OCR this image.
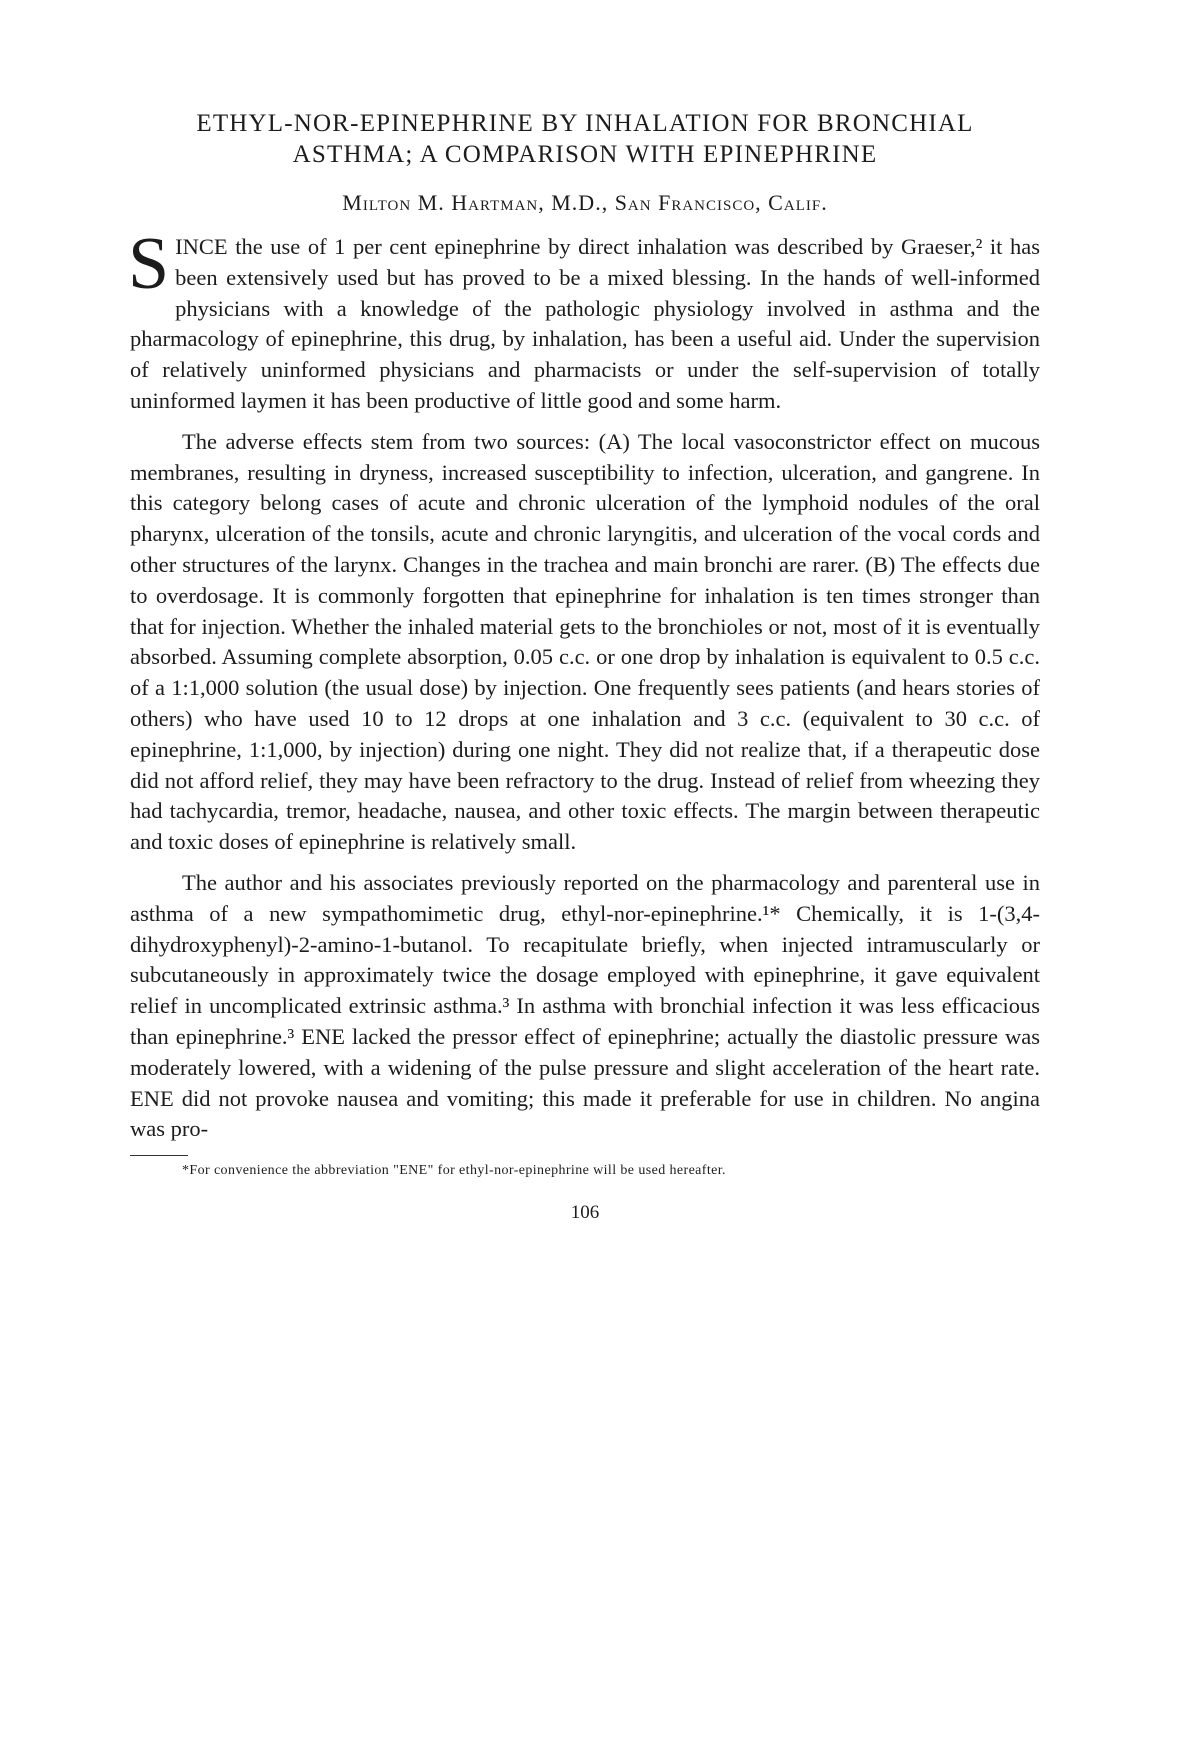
ETHYL-NOR-EPINEPHRINE BY INHALATION FOR BRONCHIAL
ASTHMA; A COMPARISON WITH EPINEPHRINE
Milton M. Hartman, M.D., San Francisco, Calif.

SINCE the use of 1 per cent epinephrine by direct inhalation was described by Graeser,² it has been extensively used but has proved to be a mixed blessing. In the hands of well-informed physicians with a knowledge of the pathologic physiology involved in asthma and the pharmacology of epinephrine, this drug, by inhalation, has been a useful aid. Under the supervision of relatively uninformed physicians and pharmacists or under the self-supervision of totally uninformed laymen it has been productive of little good and some harm.

The adverse effects stem from two sources: (A) The local vasoconstrictor effect on mucous membranes, resulting in dryness, increased susceptibility to infection, ulceration, and gangrene. In this category belong cases of acute and chronic ulceration of the lymphoid nodules of the oral pharynx, ulceration of the tonsils, acute and chronic laryngitis, and ulceration of the vocal cords and other structures of the larynx. Changes in the trachea and main bronchi are rarer. (B) The effects due to overdosage. It is commonly forgotten that epinephrine for inhalation is ten times stronger than that for injection. Whether the inhaled material gets to the bronchioles or not, most of it is eventually absorbed. Assuming complete absorption, 0.05 c.c. or one drop by inhalation is equivalent to 0.5 c.c. of a 1:1,000 solution (the usual dose) by injection. One frequently sees patients (and hears stories of others) who have used 10 to 12 drops at one inhalation and 3 c.c. (equivalent to 30 c.c. of epinephrine, 1:1,000, by injection) during one night. They did not realize that, if a therapeutic dose did not afford relief, they may have been refractory to the drug. Instead of relief from wheezing they had tachycardia, tremor, headache, nausea, and other toxic effects. The margin between therapeutic and toxic doses of epinephrine is relatively small.

The author and his associates previously reported on the pharmacology and parenteral use in asthma of a new sympathomimetic drug, ethyl-nor-epinephrine.¹* Chemically, it is 1-(3,4-dihydroxyphenyl)-2-amino-1-butanol. To recapitulate briefly, when injected intramuscularly or subcutaneously in approximately twice the dosage employed with epinephrine, it gave equivalent relief in uncomplicated extrinsic asthma.³ In asthma with bronchial infection it was less efficacious than epinephrine.³ ENE lacked the pressor effect of epinephrine; actually the diastolic pressure was moderately lowered, with a widening of the pulse pressure and slight acceleration of the heart rate. ENE did not provoke nausea and vomiting; this made it preferable for use in children. No angina was pro-

*For convenience the abbreviation "ENE" for ethyl-nor-epinephrine will be used hereafter.

106
